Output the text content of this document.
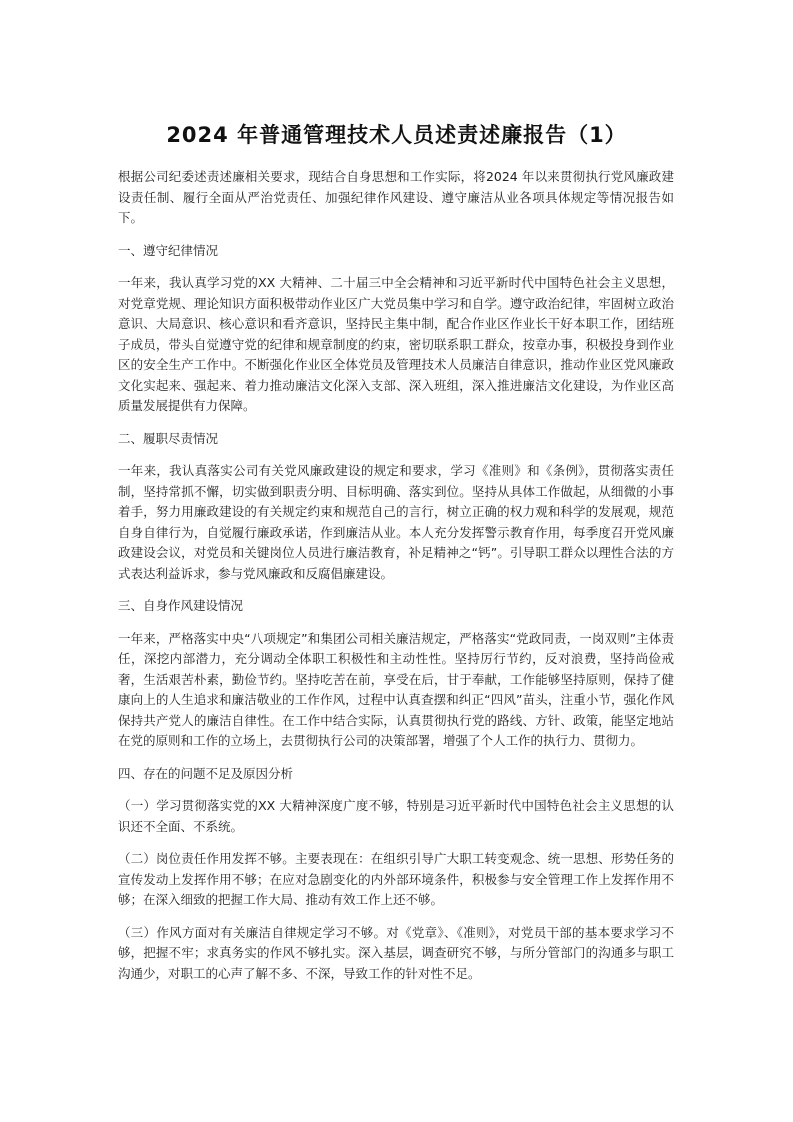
2024 年普通管理技术人员述责述廉报告（1）

根据公司纪委述责述廉相关要求，现结合自身思想和工作实际，将2024 年以来贯彻执行党风廉政建设责任制、履行全面从严治党责任、加强纪律作风建设、遵守廉洁从业各项具体规定等情况报告如下。

一、遵守纪律情况

一年来，我认真学习党的XX 大精神、二十届三中全会精神和习近平新时代中国特色社会主义思想，对党章党规、理论知识方面积极带动作业区广大党员集中学习和自学。遵守政治纪律，牢固树立政治意识、大局意识、核心意识和看齐意识，坚持民主集中制，配合作业区作业长干好本职工作，团结班子成员，带头自觉遵守党的纪律和规章制度的约束，密切联系职工群众，按章办事，积极投身到作业区的安全生产工作中。不断强化作业区全体党员及管理技术人员廉洁自律意识，推动作业区党风廉政文化实起来、强起来、着力推动廉洁文化深入支部、深入班组，深入推进廉洁文化建设，为作业区高质量发展提供有力保障。

二、履职尽责情况

一年来，我认真落实公司有关党风廉政建设的规定和要求，学习《准则》和《条例》，贯彻落实责任制，坚持常抓不懈，切实做到职责分明、目标明确、落实到位。坚持从具体工作做起，从细微的小事着手，努力用廉政建设的有关规定约束和规范自己的言行，树立正确的权力观和科学的发展观，规范自身自律行为，自觉履行廉政承诺，作到廉洁从业。本人充分发挥警示教育作用，每季度召开党风廉政建设会议，对党员和关键岗位人员进行廉洁教育，补足精神之“钙”。引导职工群众以理性合法的方式表达利益诉求，参与党风廉政和反腐倡廉建设。

三、自身作风建设情况

一年来，严格落实中央“八项规定”和集团公司相关廉洁规定，严格落实“党政同责，一岗双则”主体责任，深挖内部潜力，充分调动全体职工积极性和主动性性。坚持厉行节约，反对浪费，坚持尚俭戒奢，生活艰苦朴素，勤俭节约。坚持吃苦在前，享受在后，甘于奉献，工作能够坚持原则，保持了健康向上的人生追求和廉洁敬业的工作作风，过程中认真查摆和纠正“四风”苗头，注重小节，强化作风保持共产党人的廉洁自律性。在工作中结合实际，认真贯彻执行党的路线、方针、政策，能坚定地站在党的原则和工作的立场上，去贯彻执行公司的决策部署，增强了个人工作的执行力、贯彻力。

四、存在的问题不足及原因分析

（一）学习贯彻落实党的XX 大精神深度广度不够，特别是习近平新时代中国特色社会主义思想的认识还不全面、不系统。

（二）岗位责任作用发挥不够。主要表现在：在组织引导广大职工转变观念、统一思想、形势任务的宣传发动上发挥作用不够；在应对急剧变化的内外部环境条件，积极参与安全管理工作上发挥作用不够；在深入细致的把握工作大局、推动有效工作上还不够。

（三）作风方面对有关廉洁自律规定学习不够。对《党章》、《准则》，对党员干部的基本要求学习不够，把握不牢；求真务实的作风不够扎实。深入基层，调查研究不够，与所分管部门的沟通多与职工沟通少，对职工的心声了解不多、不深，导致工作的针对性不足。
